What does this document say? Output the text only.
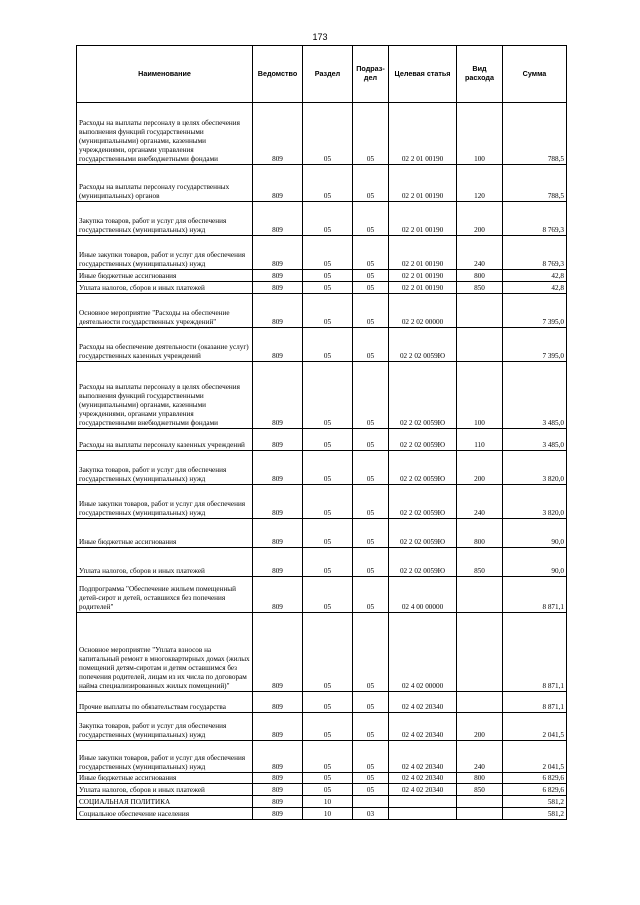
173
Наименование	Ведомство	Раздел	Подраз-дел	Целевая статья	Вид расхода	Сумма
Расходы на выплаты персоналу в целях обеспечения выполнения функций государственными (муниципальными) органами, казенными учреждениями, органами управления государственными внебюджетными фондами	809	05	05	02 2 01 00190	100	788,5
Расходы на выплаты персоналу государственных (муниципальных) органов	809	05	05	02 2 01 00190	120	788,5
Закупка товаров, работ и услуг для обеспечения государственных (муниципальных) нужд	809	05	05	02 2 01 00190	200	8 769,3
Иные закупки товаров, работ и услуг для обеспечения государственных (муниципальных) нужд	809	05	05	02 2 01 00190	240	8 769,3
Иные бюджетные ассигнования	809	05	05	02 2 01 00190	800	42,8
Уплата налогов, сборов и иных платежей	809	05	05	02 2 01 00190	850	42,8
Основное мероприятие "Расходы на обеспечение деятельности государственных учреждений"	809	05	05	02 2 02 00000		7 395,0
Расходы на обеспечение деятельности (оказание услуг) государственных казенных учреждений	809	05	05	02 2 02 0059Ю		7 395,0
Расходы на выплаты персоналу в целях обеспечения выполнения функций государственными (муниципальными) органами, казенными учреждениями, органами управления государственными внебюджетными фондами	809	05	05	02 2 02 0059Ю	100	3 485,0
Расходы на выплаты персоналу казенных учреждений	809	05	05	02 2 02 0059Ю	110	3 485,0
Закупка товаров, работ и услуг для обеспечения государственных (муниципальных) нужд	809	05	05	02 2 02 0059Ю	200	3 820,0
Иные закупки товаров, работ и услуг для обеспечения государственных (муниципальных) нужд	809	05	05	02 2 02 0059Ю	240	3 820,0
Иные бюджетные ассигнования	809	05	05	02 2 02 0059Ю	800	90,0
Уплата налогов, сборов и иных платежей	809	05	05	02 2 02 0059Ю	850	90,0
Подпрограмма "Обеспечение жильем помещенный детей-сирот и детей, оставшихся без попечения родителей"	809	05	05	02 4 00 00000		8 871,1
Основное мероприятие "Уплата взносов на капитальный ремонт в многоквартирных домах (жилых помещений детям-сиротам и детям оставшимся без попечения родителей, лицам из их числа по договорам найма специализированных жилых помещений)"	809	05	05	02 4 02 00000		8 871,1
Прочие выплаты по обязательствам государства	809	05	05	02 4 02 20340		8 871,1
Закупка товаров, работ и услуг для обеспечения государственных (муниципальных) нужд	809	05	05	02 4 02 20340	200	2 041,5
Иные закупки товаров, работ и услуг для обеспечения государственных (муниципальных) нужд	809	05	05	02 4 02 20340	240	2 041,5
Иные бюджетные ассигнования	809	05	05	02 4 02 20340	800	6 829,6
Уплата налогов, сборов и иных платежей	809	05	05	02 4 02 20340	850	6 829,6
СОЦИАЛЬНАЯ ПОЛИТИКА	809	10				581,2
Социальное обеспечение населения	809	10	03			581,2
